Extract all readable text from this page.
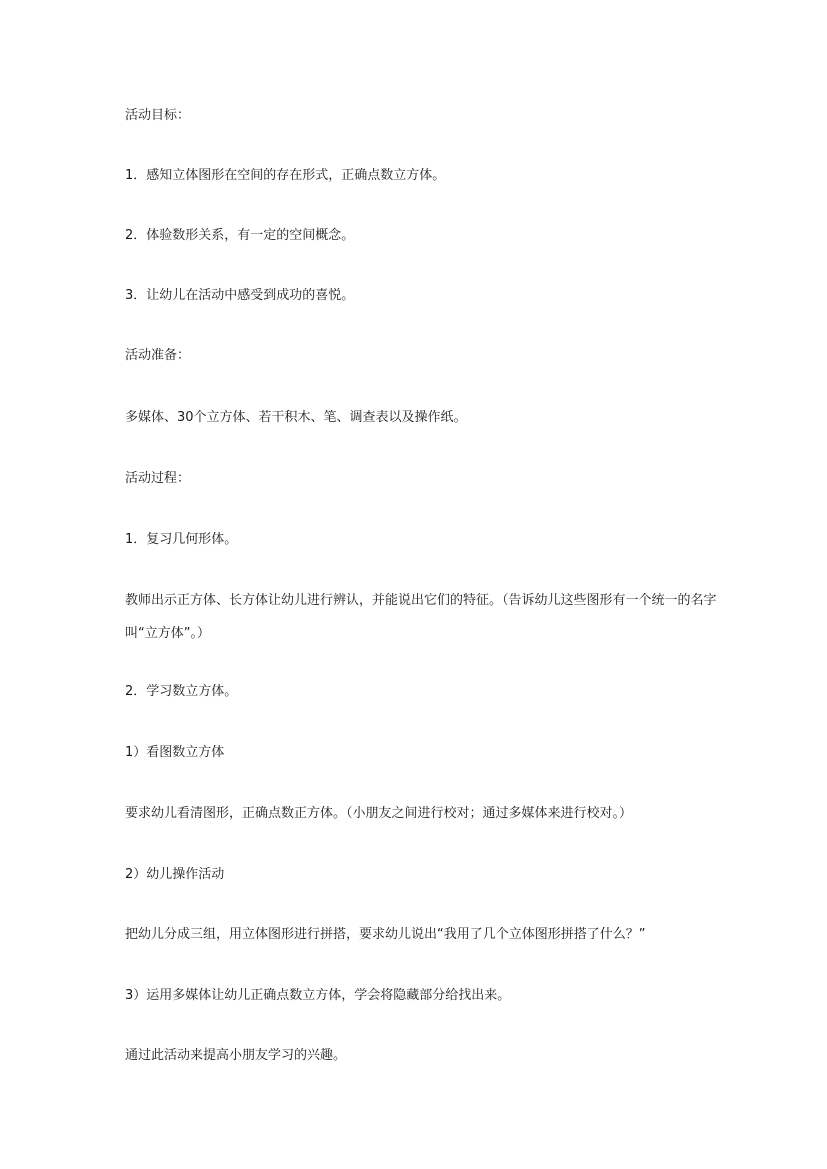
活动目标：
1．感知立体图形在空间的存在形式，正确点数立方体。
2．体验数形关系，有一定的空间概念。
3．让幼儿在活动中感受到成功的喜悦。
活动准备：
多媒体、30个立方体、若干积木、笔、调查表以及操作纸。
活动过程：
1．复习几何形体。
教师出示正方体、长方体让幼儿进行辨认，并能说出它们的特征。（告诉幼儿这些图形有一个统一的名字叫“立方体”。）
2．学习数立方体。
1）看图数立方体
要求幼儿看清图形，正确点数正方体。（小朋友之间进行校对；通过多媒体来进行校对。）
2）幼儿操作活动
把幼儿分成三组，用立体图形进行拼搭，要求幼儿说出“我用了几个立体图形拼搭了什么？”
3）运用多媒体让幼儿正确点数立方体，学会将隐藏部分给找出来。
通过此活动来提高小朋友学习的兴趣。
